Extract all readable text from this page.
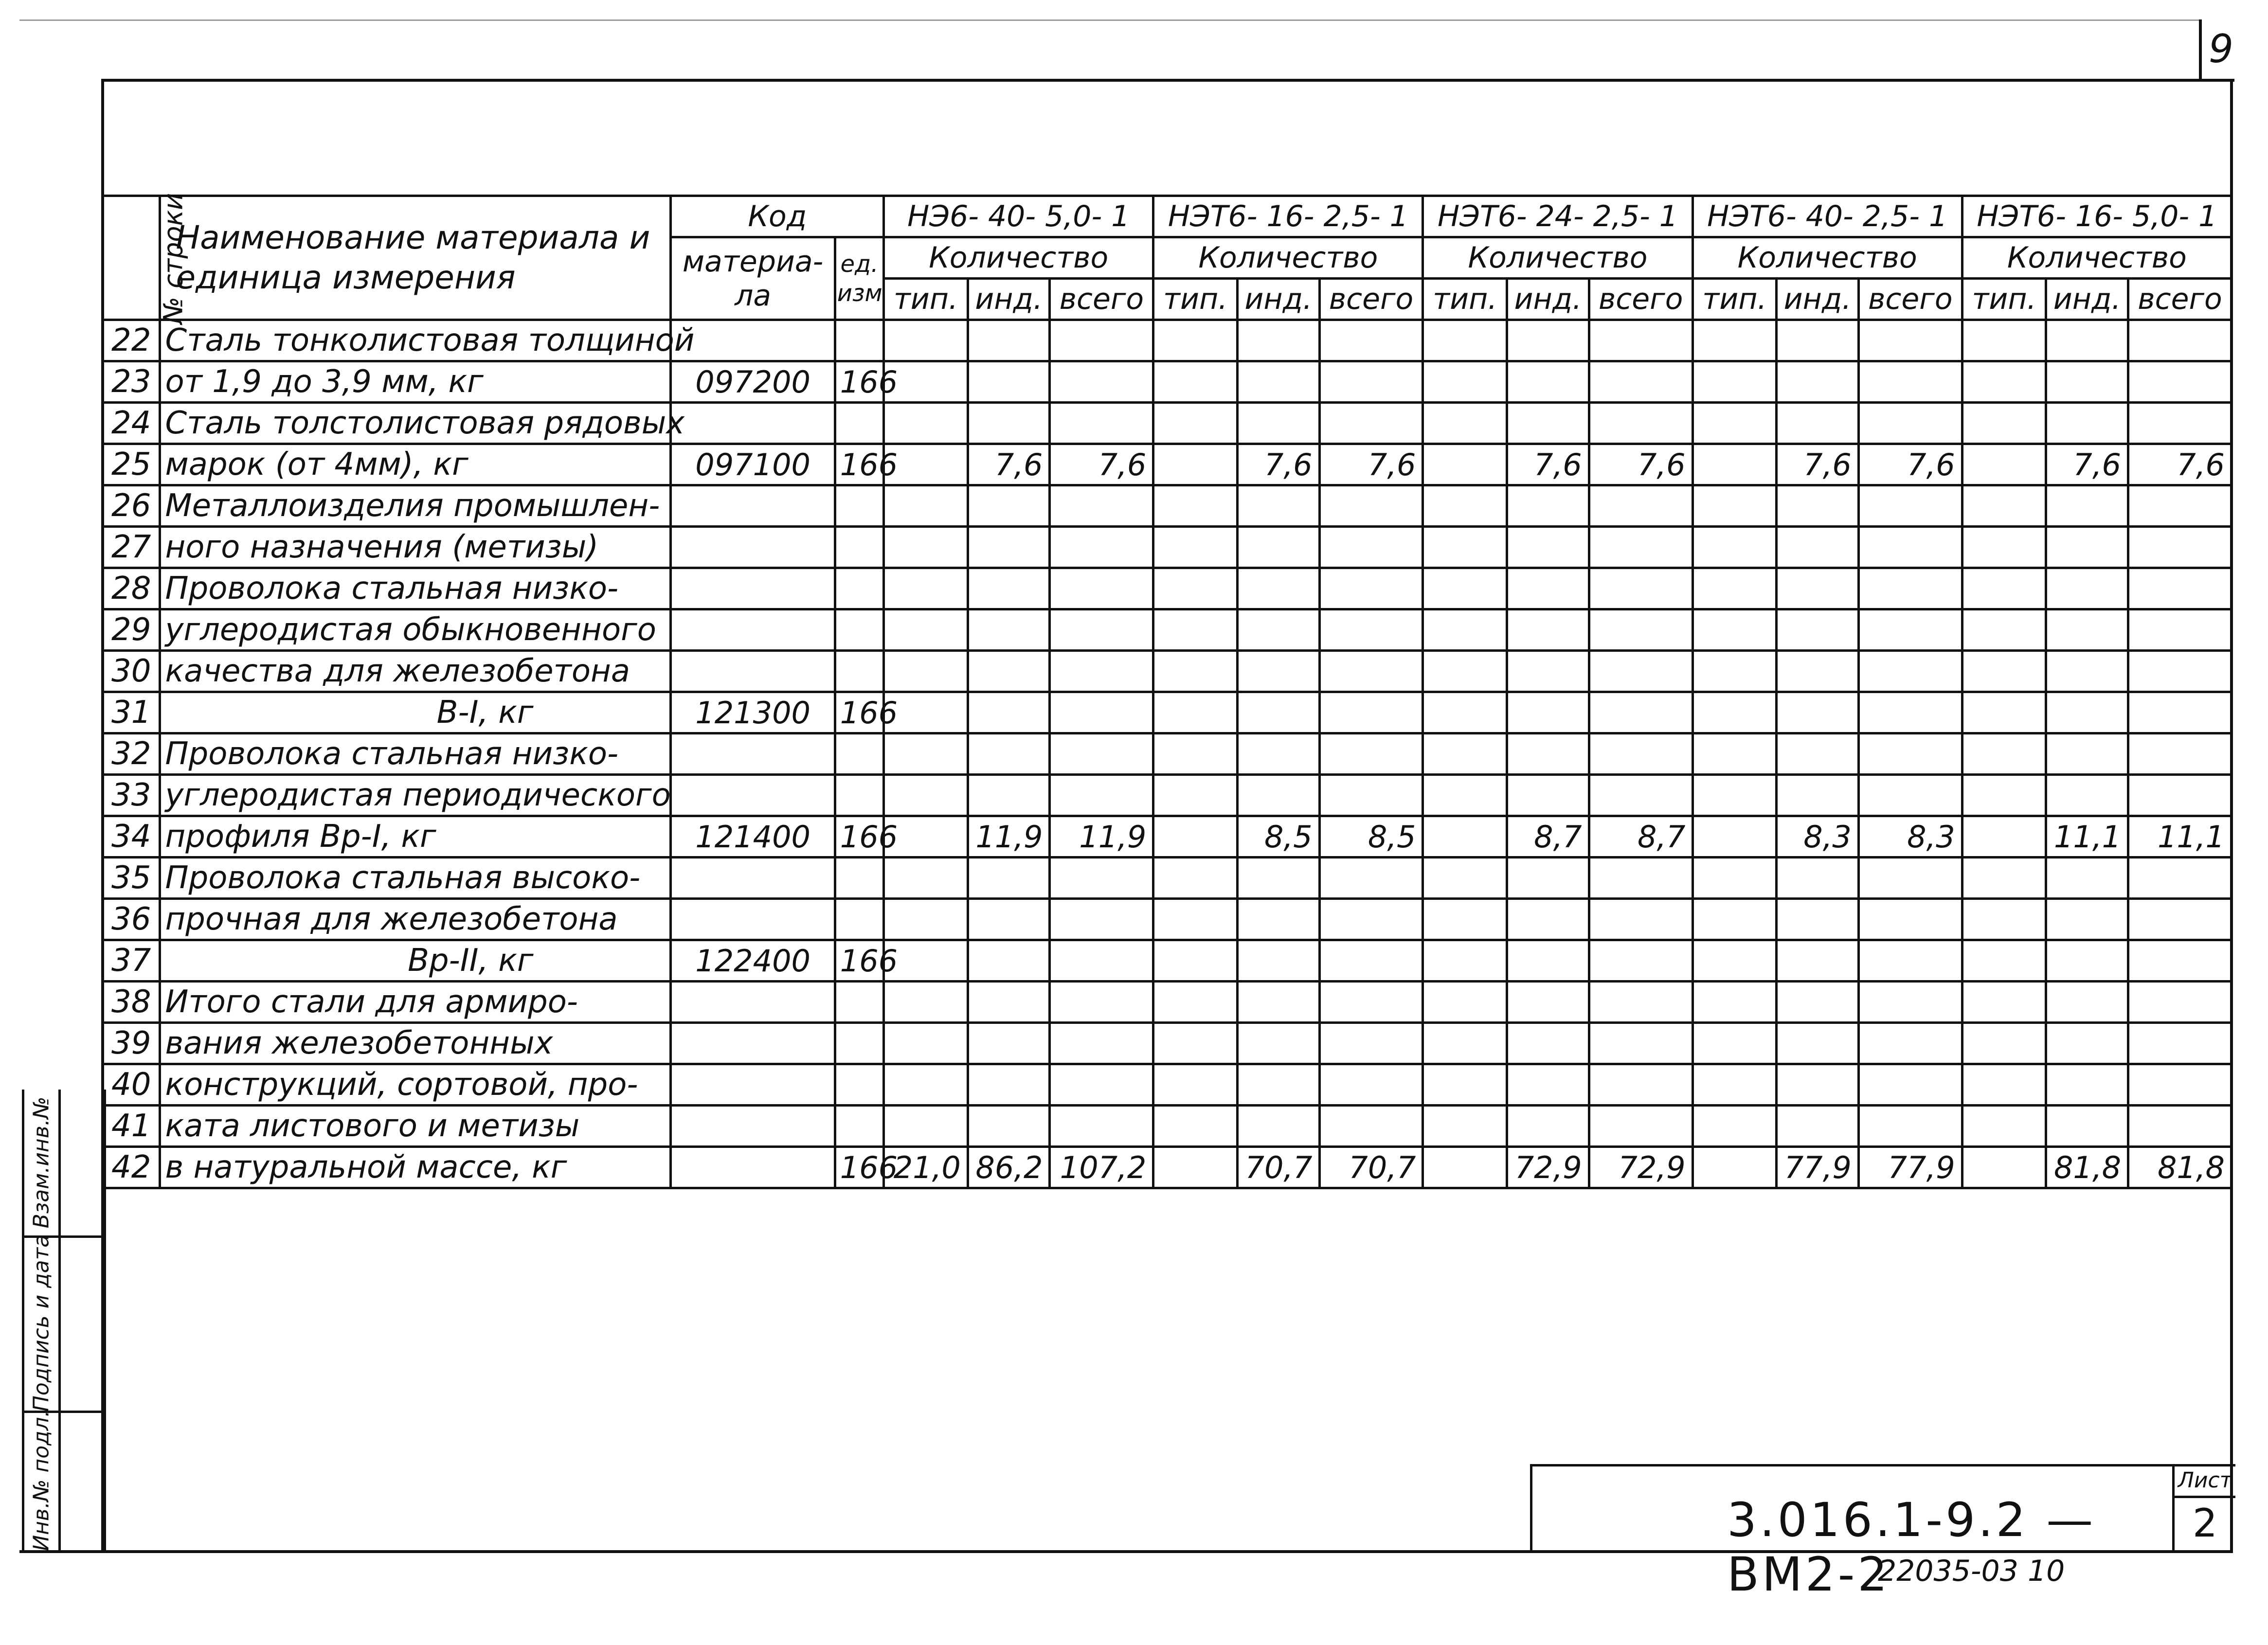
9
№ строки	Наименование материала и единица измерения	Код		НЭ6- 40- 5,0- 1			НЭТ6- 16- 2,5- 1			НЭТ6- 24- 2,5- 1			НЭТ6- 40- 2,5- 1			НЭТ6- 16- 5,0- 1		
		материа-ла	ед. изм	Количество			Количество			Количество			Количество			Количество		
				тип.	инд.	всего	тип.	инд.	всего	тип.	инд.	всего	тип.	инд.	всего	тип.	инд.	всего
22	Сталь тонколистовая толщиной																	
23	от 1,9 до 3,9 мм, кг	097200	166															
24	Сталь толстолистовая рядовых																	
25	марок (от 4мм), кг	097100	166		7,6	7,6		7,6	7,6		7,6	7,6		7,6	7,6		7,6	7,6
26	Металлоизделия промышлен-																	
27	ного назначения (метизы)																	
28	Проволока стальная низко-																	
29	углеродистая обыкновенного																	
30	качества для железобетона																	
31	В-I, кг	121300	166															
32	Проволока стальная низко-																	
33	углеродистая периодического																	
34	профиля Вр-I, кг	121400	166		11,9	11,9		8,5	8,5		8,7	8,7		8,3	8,3		11,1	11,1
35	Проволока стальная высоко-																	
36	прочная для железобетона																	
37	Вр-II, кг	122400	166															
38	Итого стали для армиро-																	
39	вания железобетонных																	
40	конструкций, сортовой, про-																	
41	ката листового и метизы																	
42	в натуральной массе, кг		166	21,0	86,2	107,2		70,7	70,7		72,9	72,9		77,9	77,9		81,8	81,8
Взам.инв.№
Подпись и дата
Инв.№ подл.	3.016.1-9.2 — ВМ2-2
Лист
2
22035-03 10
